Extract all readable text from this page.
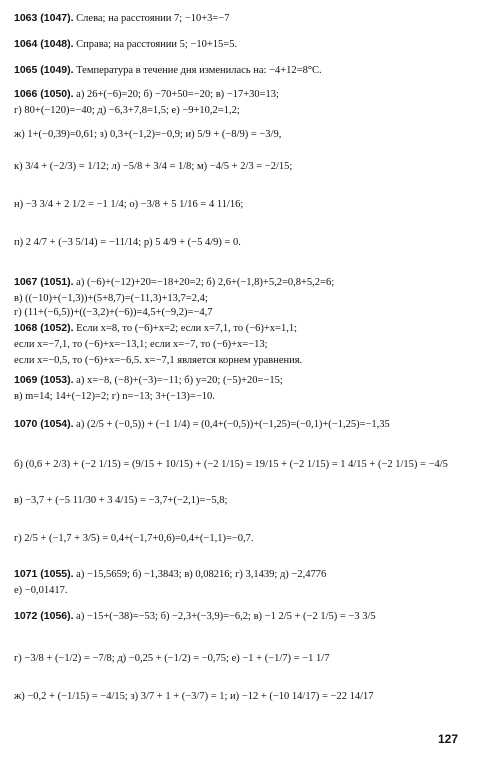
1063 (1047). Слева; на расстоянии 7; −10+3=−7
1064 (1048). Справа; на расстоянии 5; −10+15=5.
1065 (1049). Температура в течение дня изменилась на: −4+12=8°C.
1066 (1050). а) 26+(−6)=20; б) −70+50=−20; в) −17+30=13;
г) 80+(−120)=−40; д) −6,3+7,8=1,5; е) −9+10,2=1,2;
ж) 1+(−0,39)=0,61; з) 0,3+(−1,2)=−0,9; и) 5/9 + (−8/9) = −3/9,
к) 3/4 + (−2/3) = 1/12; л) −5/8 + 3/4 = 1/8; м) −4/5 + 2/3 = −2/15;
н) −3 3/4 + 2 1/2 = −1 1/4; о) −3/8 + 5 1/16 = 4 11/16;
п) 2 4/7 + (−3 5/14) = −11/14; р) 5 4/9 + (−5 4/9) = 0.
1067 (1051). а) (−6)+(−12)+20=−18+20=2; б) 2,6+(−1,8)+5,2=0,8+5,2=6;
в) ((−10)+(−1,3))+(5+8,7)=(−11,3)+13,7=2,4;
г) (11+(−6,5))+((−3,2)+(−6))=4,5+(−9,2)=−4,7
1068 (1052). Если x=8, то (−6)+x=2; если x=7,1, то (−6)+x=1,1;
если x=−7,1, то (−6)+x=−13,1; если x=−7, то (−6)+x=−13;
если x=−0,5, то (−6)+x=−6,5. x=−7,1 является корнем уравнения.
1069 (1053). а) x=−8, (−8)+(−3)=−11; б) y=20; (−5)+20=−15;
в) m=14; 14+(−12)=2; г) n=−13; 3+(−13)=−10.
1070 (1054). а) (2/5 + (−0,5)) + (−1 1/4) = (0,4+(−0,5))+(−1,25)=(−0,1)+(−1,25)=−1,35
б) (0,6 + 2/3) + (−2 1/15) = (9/15 + 10/15) + (−2 1/15) = 19/15 + (−2 1/15) = 1 4/15 + (−2 1/15) = −4/5
в) −3,7 + (−5 11/30 + 3 4/15) = −3,7+(−2,1)=−5,8;
г) 2/5 + (−1,7 + 3/5) = 0,4+(−1,7+0,6)=0,4+(−1,1)=−0,7.
1071 (1055). а) −15,5659; б) −1,3843; в) 0,08216; г) 3,1439; д) −2,4776
е) −0,01417.
1072 (1056). а) −15+(−38)=−53; б) −2,3+(−3,9)=−6,2; в) −1 2/5 + (−2 1/5) = −3 3/5
г) −3/8 + (−1/2) = −7/8; д) −0,25 + (−1/2) = −0,75; е) −1 + (−1/7) = −1 1/7
ж) −0,2 + (−1/15) = −4/15; з) 3/7 + 1 + (−3/7) = 1; и) −12 + (−10 14/17) = −22 14/17
127
